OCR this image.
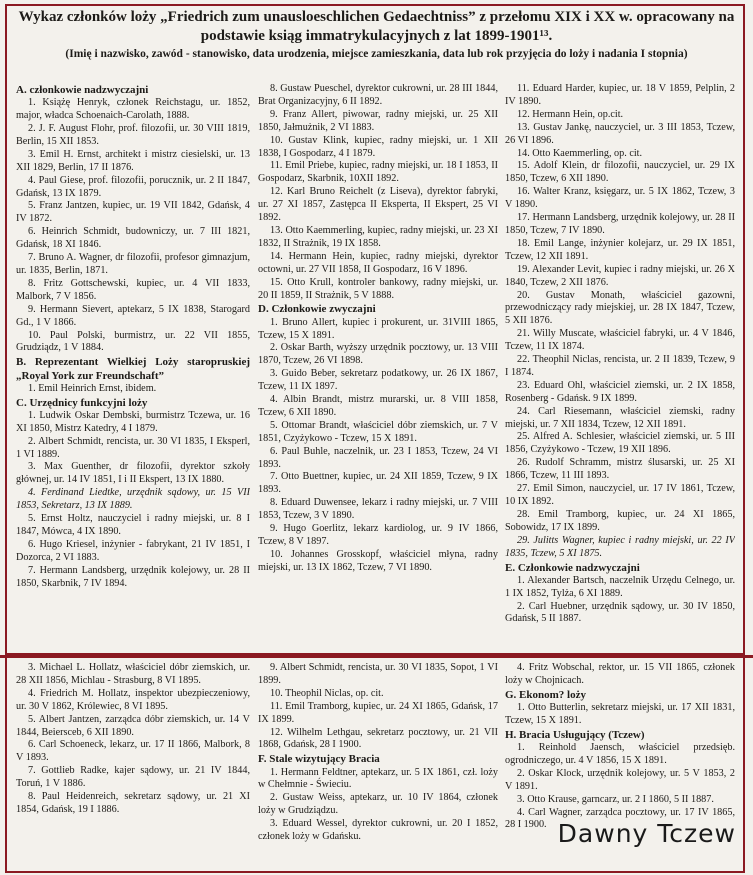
Wykaz członków loży „Friedrich zum unausloeschlichen Gedaechtniss” z przełomu XIX i XX w. opracowany na podstawie ksiąg immatrykulacyjnych z lat 1899-1901¹³.
(Imię i nazwisko, zawód - stanowisko, data urodzenia, miejsce zamieszkania, data lub rok przyjęcia do loży i nadania I stopnia)

A. członkowie nadzwyczajni

1. Książę Henryk, członek Reichstagu, ur. 1852, major, władca Schoenaich-Carolath, 1888.

2. J. F. August Flohr, prof. filozofii, ur. 30 VIII 1819, Berlin, 15 XII 1853.

3. Emil H. Ernst, architekt i mistrz ciesielski, ur. 13 XII 1829, Berlin, 17 II 1876.

4. Paul Giese, prof. filozofii, porucznik, ur. 2 II 1847, Gdańsk, 13 IX 1879.

5. Franz Jantzen, kupiec, ur. 19 VII 1842, Gdańsk, 4 IV 1872.

6. Heinrich Schmidt, budowniczy, ur. 7 III 1821, Gdańsk, 18 XI 1846.

7. Bruno A. Wagner, dr filozofii, profesor gimnazjum, ur. 1835, Berlin, 1871.

8. Fritz Gottschewski, kupiec, ur. 4 VII 1833, Malbork, 7 V 1856.

9. Hermann Sievert, aptekarz, 5 IX 1838, Starogard Gd., 1 V 1866.

10. Paul Polski, burmistrz, ur. 22 VII 1855, Grudziądz, 1 V 1884.

B. Reprezentant Wielkiej Loży staropruskiej „Royal York zur Freundschaft”

1. Emil Heinrich Ernst, ibidem.

C. Urzędnicy funkcyjni loży

1. Ludwik Oskar Dembski, burmistrz Tczewa, ur. 16 XI 1850, Mistrz Katedry, 4 I 1879.

2. Albert Schmidt, rencista, ur. 30 VI 1835, I Eksperl, 1 VI 1889.

3. Max Guenther, dr filozofii, dyrektor szkoły głównej, ur. 14 IV 1851, I i II Ekspert, 13 IX 1880.

4. Ferdinand Liedtke, urzędnik sądowy, ur. 15 VII 1853, Sekretarz, 13 IX 1889.

5. Ernst Holtz, nauczyciel i radny miejski, ur. 8 I 1847, Mówca, 4 IX 1890.

6. Hugo Kriesel, inżynier - fabrykant, 21 IV 1851, I Dozorca, 2 VI 1883.

7. Hermann Landsberg, urzędnik kolejowy, ur. 28 II 1850, Skarbnik, 7 IV 1894.

8. Gustaw Pueschel, dyrektor cukrowni, ur. 28 III 1844, Brat Organizacyjny, 6 II 1892.

9. Franz Allert, piwowar, radny miejski, ur. 25 XII 1850, Jałmużnik, 2 VI 1883.

10. Gustav Klink, kupiec, radny miejski, ur. 1 XII 1838, I Gospodarz, 4 I 1879.

11. Emil Priebe, kupiec, radny miejski, ur. 18 I 1853, II Gospodarz, Skarbnik, 10XII 1892.

12. Karl Bruno Reichelt (z Liseva), dyrektor fabryki, ur. 27 XI 1857, Zastępca II Eksperta, II Ekspert, 25 VI 1892.

13. Otto Kaemmerling, kupiec, radny miejski, ur. 23 XI 1832, II Strażnik, 19 IX 1858.

14. Hermann Hein, kupiec, radny miejski, dyrektor octowni, ur. 27 VII 1858, II Gospodarz, 16 V 1896.

15. Otto Krull, kontroler bankowy, radny miejski, ur. 20 II 1859, II Strażnik, 5 V 1888.

D. Członkowie zwyczajni

1. Bruno Allert, kupiec i prokurent, ur. 31VIII 1865, Tczew, 15 X 1891.

2. Oskar Barth, wyższy urzędnik pocztowy, ur. 13 VIII 1870, Tczew, 26 VI 1898.

3. Guido Beber, sekretarz podatkowy, ur. 26 IX 1867, Tczew, 11 IX 1897.

4. Albin Brandt, mistrz murarski, ur. 8 VIII 1858, Tczew, 6 XII 1890.

5. Ottomar Brandt, właściciel dóbr ziemskich, ur. 7 V 1851, Czyżykowo - Tczew, 15 X 1891.

6. Paul Buhle, naczelnik, ur. 23 I 1853, Tczew, 24 VI 1893.

7. Otto Buettner, kupiec, ur. 24 XII 1859, Tczew, 9 IX 1893.

8. Eduard Duwensee, lekarz i radny miejski, ur. 7 VIII 1853, Tczew, 3 V 1890.

9. Hugo Goerlitz, lekarz kardiolog, ur. 9 IV 1866, Tczew, 8 V 1897.

10. Johannes Grosskopf, właściciel młyna, radny miejski, ur. 13 IX 1862, Tczew, 7 VI 1890.

11. Eduard Harder, kupiec, ur. 18 V 1859, Pelplin, 2 IV 1890.

12. Hermann Hein, op.cit.

13. Gustav Jankę, nauczyciel, ur. 3 III 1853, Tczew, 26 VI 1896.

14. Otto Kaemmerling, op. cit.

15. Adolf Klein, dr filozofii, nauczyciel, ur. 29 IX 1850, Tczew, 6 XII 1890.

16. Walter Kranz, księgarz, ur. 5 IX 1862, Tczew, 3 V 1890.

17. Hermann Landsberg, urzędnik kolejowy, ur. 28 II 1850, Tczew, 7 IV 1890.

18. Emil Lange, inżynier kolejarz, ur. 29 IX 1851, Tczew, 12 XII 1891.

19. Alexander Levit, kupiec i radny miejski, ur. 26 X 1840, Tczew, 2 XII 1876.

20. Gustav Monath, właściciel gazowni, przewodniczący rady miejskiej, ur. 28 IX 1847, Tczew, 5 XII 1876.

21. Willy Muscate, właściciel fabryki, ur. 4 V 1846, Tczew, 11 IX 1874.

22. Theophil Niclas, rencista, ur. 2 II 1839, Tczew, 9 I 1874.

23. Eduard Ohl, właściciel ziemski, ur. 2 IX 1858, Rosenberg - Gdańsk. 9 IX 1899.

24. Carl Riesemann, właściciel ziemski, radny miejski, ur. 7 XII 1834, Tczew, 12 XII 1891.

25. Alfred A. Schlesier, właściciel ziemski, ur. 5 III 1856, Czyżykowo - Tczew, 19 XII 1896.

26. Rudolf Schramm, mistrz ślusarski, ur. 25 XI 1866, Tczew, 11 III 1893.

27. Emil Simon, nauczyciel, ur. 17 IV 1861, Tczew, 10 IX 1892.

28. Emil Tramborg, kupiec, ur. 24 XI 1865, Sobowidz, 17 IX 1899.

29. Julitts Wagner, kupiec i radny miejski, ur. 22 IV 1835, Tczew, 5 XI 1875.

E. Członkowie nadzwyczajni

1. Alexander Bartsch, naczelnik Urzędu Celnego, ur. 1 IX 1852, Tylża, 6 XI 1889.

2. Carl Huebner, urzędnik sądowy, ur. 30 IV 1850, Gdańsk, 5 II 1887.

3. Michael L. Hollatz, właściciel dóbr ziemskich, ur. 28 XII 1856, Michlau - Strasburg, 8 VI 1895.

4. Friedrich M. Hollatz, inspektor ubezpieczeniowy, ur. 30 V 1862, Królewiec, 8 VI 1895.

5. Albert Jantzen, zarządca dóbr ziemskich, ur. 14 V 1844, Beiersceb, 6 XII 1890.

6. Carl Schoeneck, lekarz, ur. 17 II 1866, Malbork, 8 V 1893.

7. Gottlieb Radke, kajer sądowy, ur. 21 IV 1844, Toruń, 1 V 1886.

8. Paul Heidenreich, sekretarz sądowy, ur. 21 XI 1854, Gdańsk, 19 I 1886.

9. Albert Schmidt, rencista, ur. 30 VI 1835, Sopot, 1 VI 1899.

10. Theophil Niclas, op. cit.

11. Emil Tramborg, kupiec, ur. 24 XI 1865, Gdańsk, 17 IX 1899.

12. Wilhelm Lethgau, sekretarz pocztowy, ur. 21 VII 1868, Gdańsk, 28 I 1900.

F. Stale wizytujący Bracia

1. Hermann Feldtner, aptekarz, ur. 5 IX 1861, czł. loży w Chełmnie - Świeciu.

2. Gustaw Weiss, aptekarz, ur. 10 IV 1864, członek loży w Grudziądzu.

3. Eduard Wessel, dyrektor cukrowni, ur. 20 I 1852, członek loży w Gdańsku.

4. Fritz Wobschal, rektor, ur. 15 VII 1865, członek loży w Chojnicach.

G. Ekonom? loży

1. Otto Butterlin, sekretarz miejski, ur. 17 XII 1831, Tczew, 15 X 1891.

H. Bracia Usługujący (Tczew)

1. Reinhold Jaensch, właściciel przedsięb. ogrodniczego, ur. 4 V 1856, 15 X 1891.

2. Oskar Klock, urzędnik kolejowy, ur. 5 V 1853, 2 V 1891.

3. Otto Krause, garncarz, ur. 2 I 1860, 5 II 1887.

4. Carl Wagner, zarządca pocztowy, ur. 17 IV 1865, 28 I 1900. Dawny Tczew
